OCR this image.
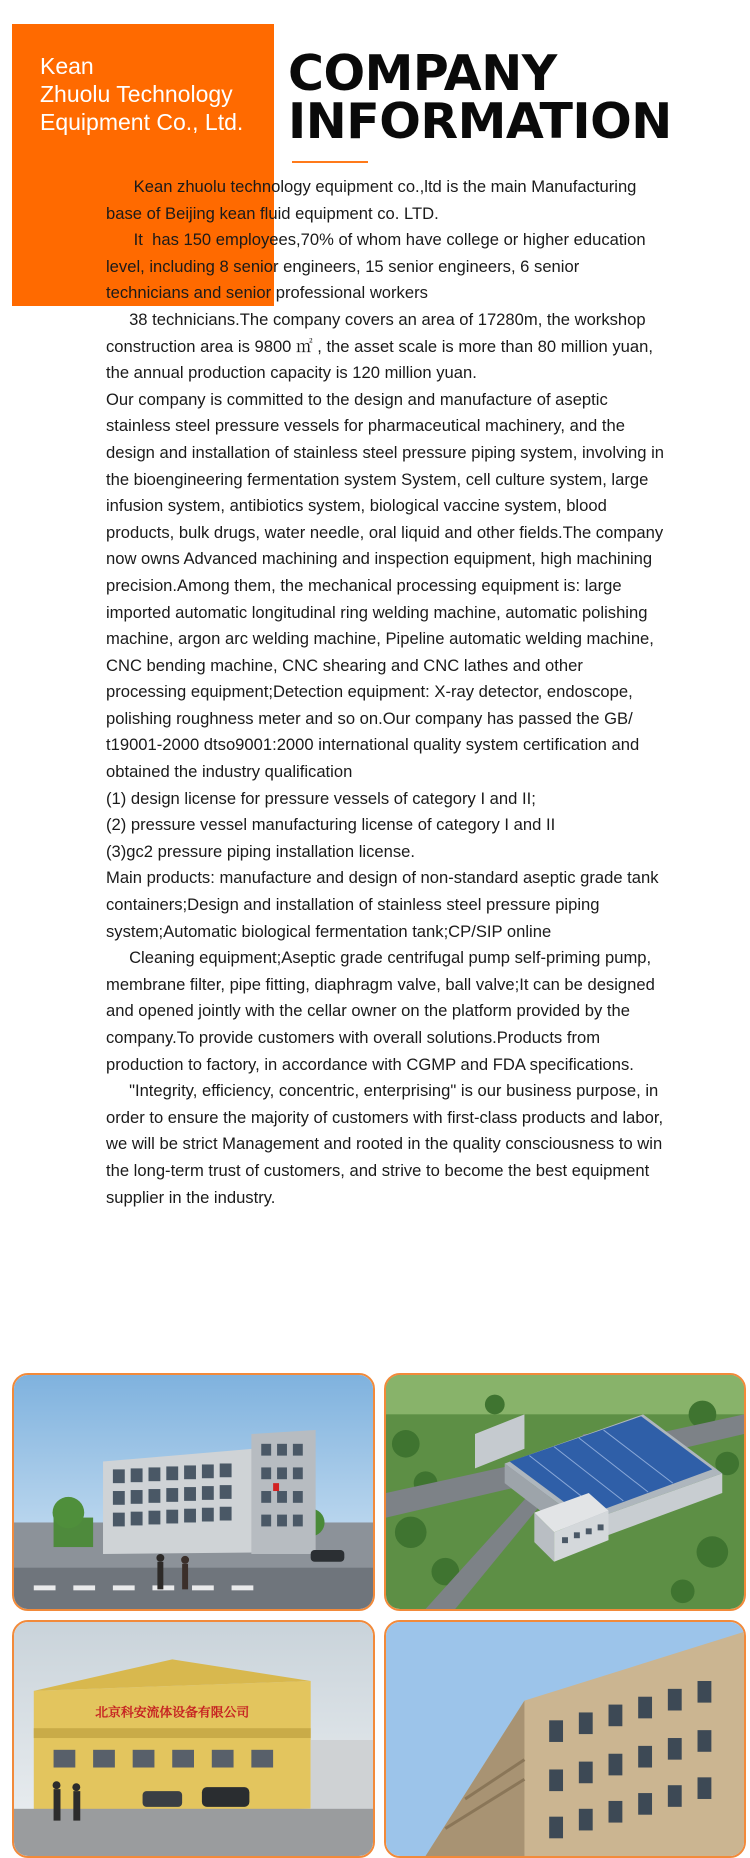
Kean
Zhuolu Technology
Equipment Co., Ltd.
COMPANY
INFORMATION

Kean zhuolu technology equipment co.,ltd is the main Manufacturing base of Beijing kean fluid equipment co. LTD.

It  has 150 employees,70% of whom have college or higher education level, including 8 senior engineers, 15 senior engineers, 6 senior technicians and senior professional workers

38 technicians.The company covers an area of 17280m, the workshop construction area is 9800 ㎡ , the asset scale is more than 80 million yuan, the annual production capacity is 120 million yuan.

Our company is committed to the design and manufacture of aseptic stainless steel pressure vessels for pharmaceutical machinery, and the design and installation of stainless steel pressure piping system, involving in the bioengineering fermentation system System, cell culture system, large infusion system, antibiotics system, biological vaccine system, blood products, bulk drugs, water needle, oral liquid and other fields.The company now owns Advanced machining and inspection equipment, high machining precision.Among them, the mechanical processing equipment is: large imported automatic longitudinal ring welding machine, automatic polishing machine, argon arc welding machine, Pipeline automatic welding machine, CNC bending machine, CNC shearing and CNC lathes and other processing equipment;Detection equipment: X-ray detector, endoscope, polishing roughness meter and so on.Our company has passed the GB/ t19001-2000 dtso9001:2000 international quality system certification and obtained the industry qualification

(1) design license for pressure vessels of category I and II;

(2) pressure vessel manufacturing license of category I and II

(3)gc2 pressure piping installation license.

Main products: manufacture and design of non-standard aseptic grade tank containers;Design and installation of stainless steel pressure piping system;Automatic biological fermentation tank;CP/SIP online

Cleaning equipment;Aseptic grade centrifugal pump self-priming pump, membrane filter, pipe fitting, diaphragm valve, ball valve;It can be designed and opened jointly with the cellar owner on the platform provided by the company.To provide customers with overall solutions.Products from production to factory, in accordance with CGMP and FDA specifications.

"Integrity, efficiency, concentric, enterprising" is our business purpose, in order to ensure the majority of customers with first-class products and labor, we will be strict Management and rooted in the quality consciousness to win the long-term trust of customers, and strive to become the best equipment supplier in the industry.

北京科安流体设备有限公司
